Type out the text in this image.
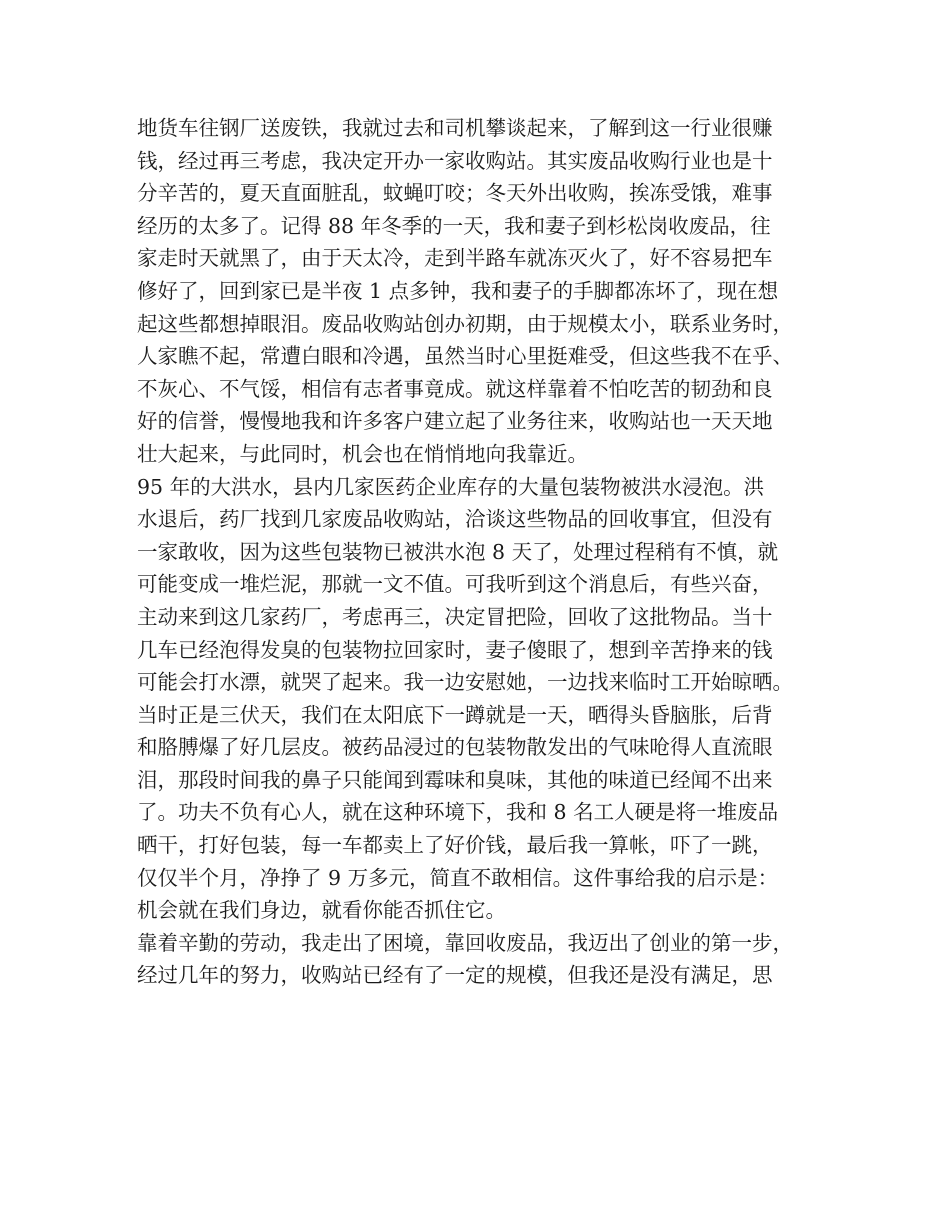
地货车往钢厂送废铁，我就过去和司机攀谈起来，了解到这一行业很赚
钱，经过再三考虑，我决定开办一家收购站。其实废品收购行业也是十
分辛苦的，夏天直面脏乱，蚊蝇叮咬；冬天外出收购，挨冻受饿，难事
经历的太多了。记得 88 年冬季的一天，我和妻子到杉松岗收废品，往
家走时天就黑了，由于天太冷，走到半路车就冻灭火了，好不容易把车
修好了，回到家已是半夜 1 点多钟，我和妻子的手脚都冻坏了，现在想
起这些都想掉眼泪。废品收购站创办初期，由于规模太小，联系业务时，
人家瞧不起，常遭白眼和冷遇，虽然当时心里挺难受，但这些我不在乎、
不灰心、不气馁，相信有志者事竟成。就这样靠着不怕吃苦的韧劲和良
好的信誉，慢慢地我和许多客户建立起了业务往来，收购站也一天天地
壮大起来，与此同时，机会也在悄悄地向我靠近。
95 年的大洪水，县内几家医药企业库存的大量包装物被洪水浸泡。洪
水退后，药厂找到几家废品收购站，洽谈这些物品的回收事宜，但没有
一家敢收，因为这些包装物已被洪水泡 8 天了，处理过程稍有不慎，就
可能变成一堆烂泥，那就一文不值。可我听到这个消息后，有些兴奋，
主动来到这几家药厂，考虑再三，决定冒把险，回收了这批物品。当十
几车已经泡得发臭的包装物拉回家时，妻子傻眼了，想到辛苦挣来的钱
可能会打水漂，就哭了起来。我一边安慰她，一边找来临时工开始晾晒。
当时正是三伏天，我们在太阳底下一蹲就是一天，晒得头昏脑胀，后背
和胳膊爆了好几层皮。被药品浸过的包装物散发出的气味呛得人直流眼
泪，那段时间我的鼻子只能闻到霉味和臭味，其他的味道已经闻不出来
了。功夫不负有心人，就在这种环境下，我和 8 名工人硬是将一堆废品
晒干，打好包装，每一车都卖上了好价钱，最后我一算帐，吓了一跳，
仅仅半个月，净挣了 9 万多元，简直不敢相信。这件事给我的启示是：
机会就在我们身边，就看你能否抓住它。
靠着辛勤的劳动，我走出了困境，靠回收废品，我迈出了创业的第一步，
经过几年的努力，收购站已经有了一定的规模，但我还是没有满足，思
